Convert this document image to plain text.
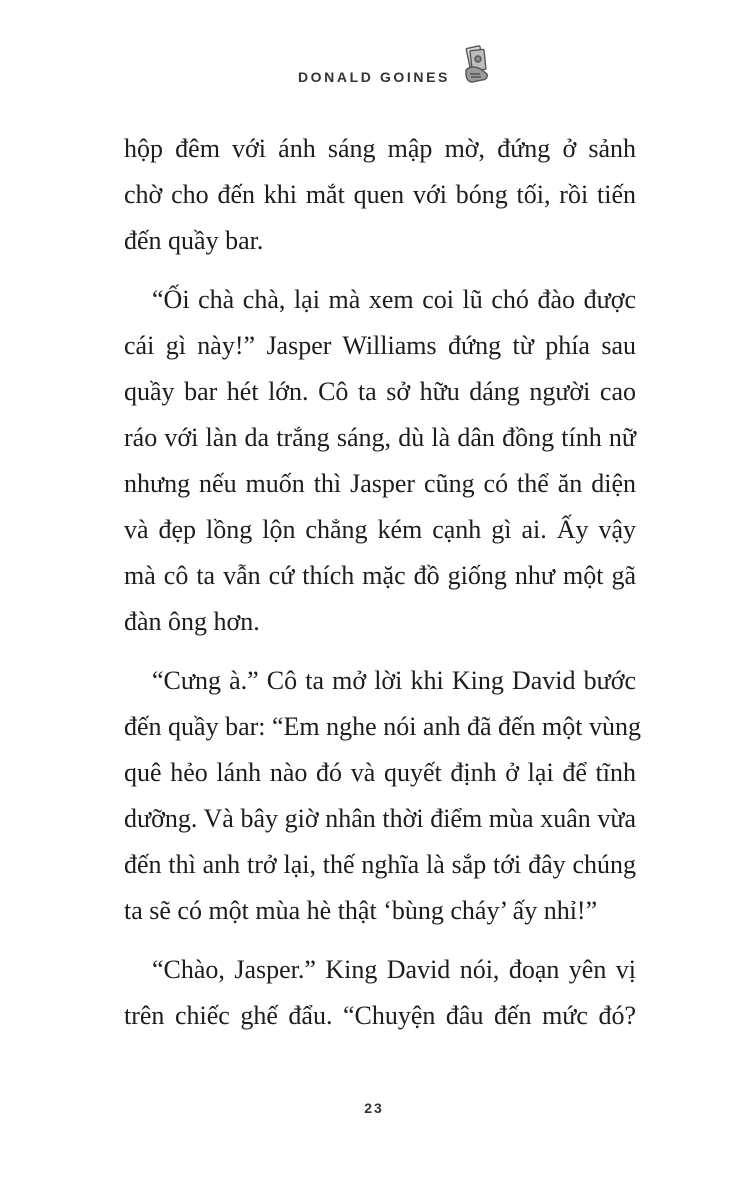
DONALD GOINES
hộp đêm với ánh sáng mập mờ, đứng ở sảnh
chờ cho đến khi mắt quen với bóng tối, rồi tiến
đến quầy bar.
“Ối chà chà, lại mà xem coi lũ chó đào được
cái gì này!” Jasper Williams đứng từ phía sau
quầy bar hét lớn. Cô ta sở hữu dáng người cao
ráo với làn da trắng sáng, dù là dân đồng tính nữ
nhưng nếu muốn thì Jasper cũng có thể ăn diện
và đẹp lồng lộn chẳng kém cạnh gì ai. Ấy vậy
mà cô ta vẫn cứ thích mặc đồ giống như một gã
đàn ông hơn.
“Cưng à.” Cô ta mở lời khi King David bước
đến quầy bar: “Em nghe nói anh đã đến một vùng
quê hẻo lánh nào đó và quyết định ở lại để tĩnh
dưỡng. Và bây giờ nhân thời điểm mùa xuân vừa
đến thì anh trở lại, thế nghĩa là sắp tới đây chúng
ta sẽ có một mùa hè thật ‘bùng cháy’ ấy nhỉ!”
“Chào, Jasper.” King David nói, đoạn yên vị
trên chiếc ghế đẩu. “Chuyện đâu đến mức đó?
23
